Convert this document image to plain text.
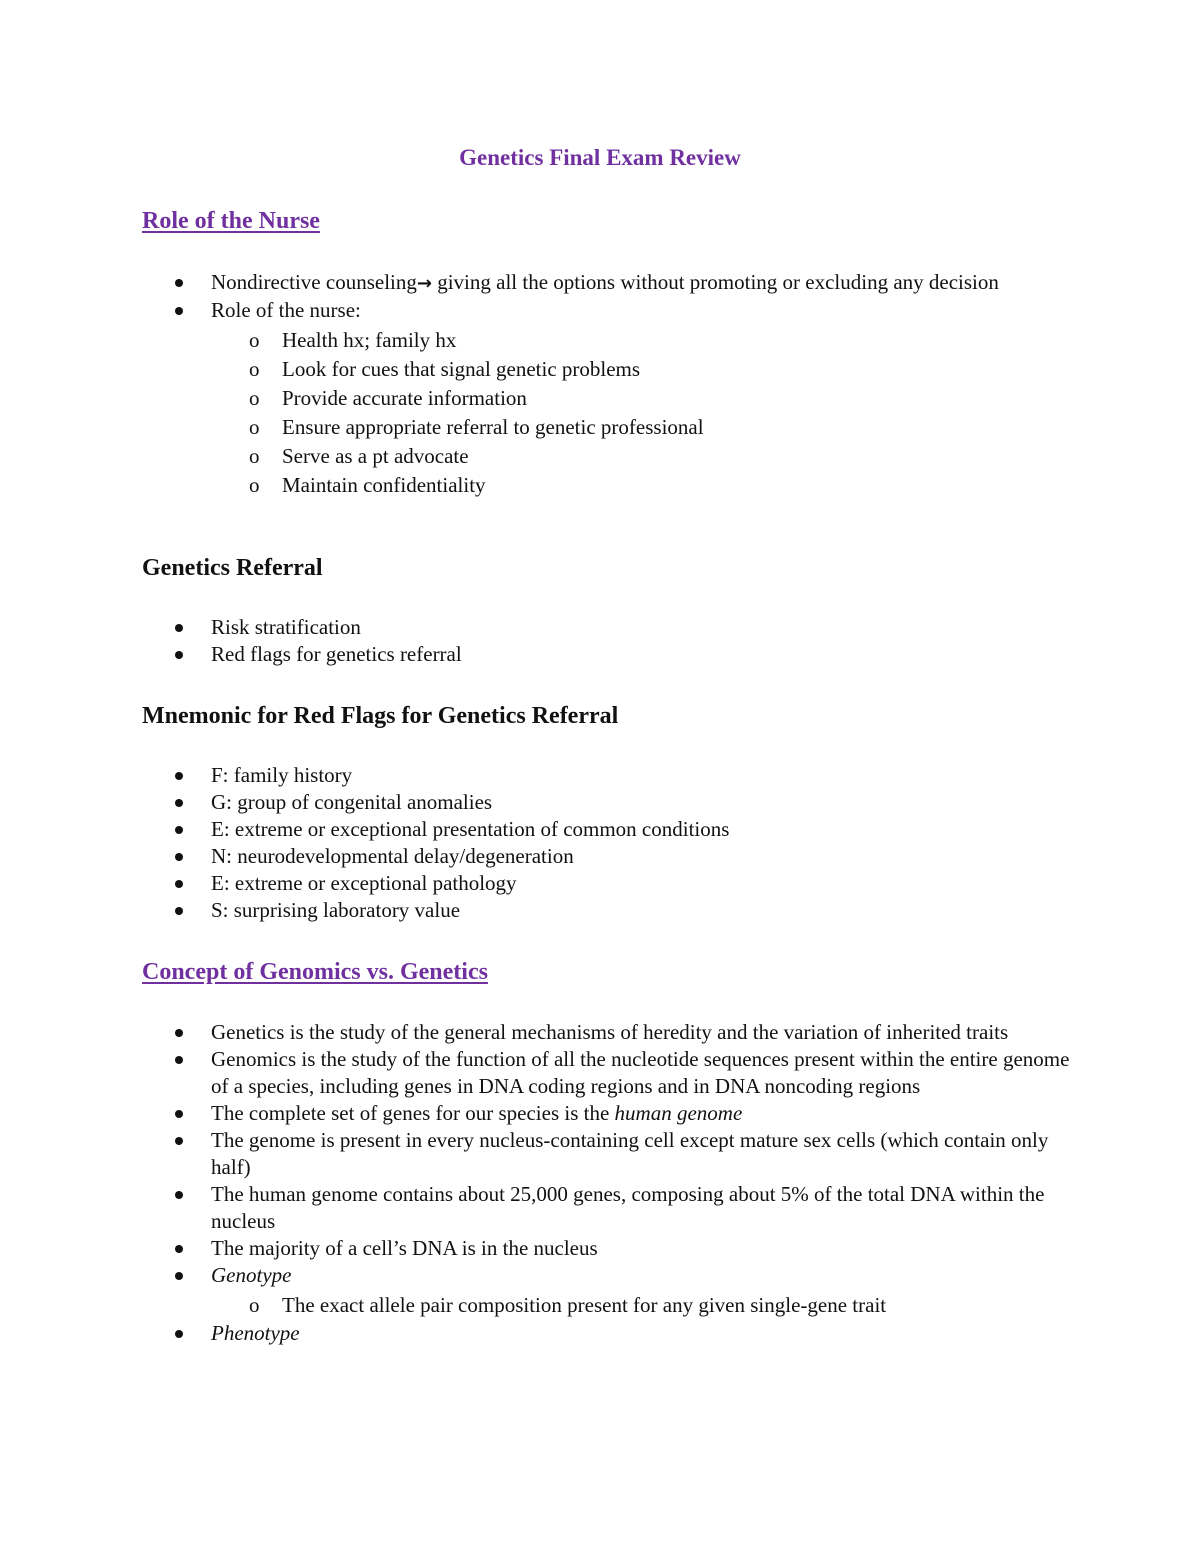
Genetics Final Exam Review
Role of the Nurse
Nondirective counseling→ giving all the options without promoting or excluding any decision
Role of the nurse:
o Health hx; family hx
o Look for cues that signal genetic problems
o Provide accurate information
o Ensure appropriate referral to genetic professional
o Serve as a pt advocate
o Maintain confidentiality
Genetics Referral
Risk stratification
Red flags for genetics referral
Mnemonic for Red Flags for Genetics Referral
F: family history
G: group of congenital anomalies
E: extreme or exceptional presentation of common conditions
N: neurodevelopmental delay/degeneration
E: extreme or exceptional pathology
S: surprising laboratory value
Concept of Genomics vs. Genetics
Genetics is the study of the general mechanisms of heredity and the variation of inherited traits
Genomics is the study of the function of all the nucleotide sequences present within the entire genome of a species, including genes in DNA coding regions and in DNA noncoding regions
The complete set of genes for our species is the human genome
The genome is present in every nucleus-containing cell except mature sex cells (which contain only half)
The human genome contains about 25,000 genes, composing about 5% of the total DNA within the nucleus
The majority of a cell’s DNA is in the nucleus
Genotype
o The exact allele pair composition present for any given single-gene trait
Phenotype
